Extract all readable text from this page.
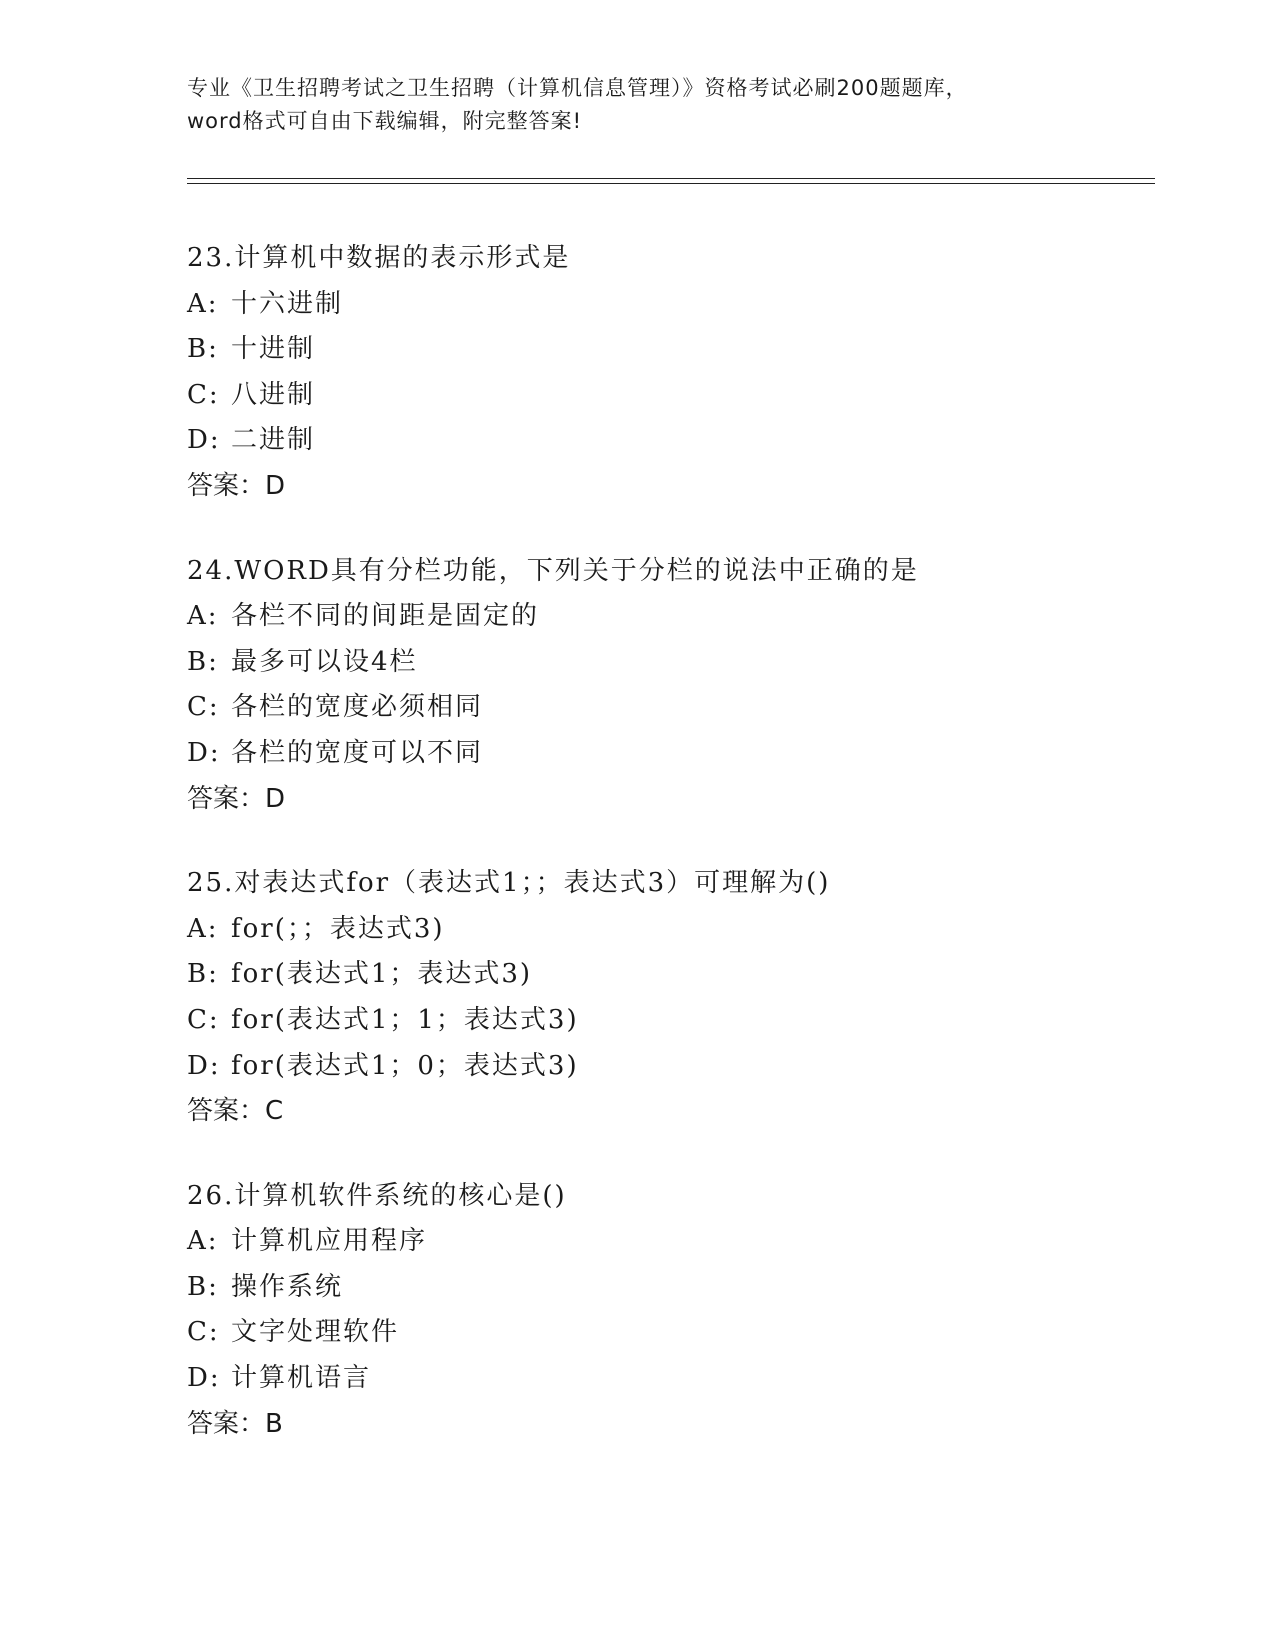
专业《卫生招聘考试之卫生招聘（计算机信息管理）》资格考试必刷200题题库，
word格式可自由下载编辑，附完整答案!
23.计算机中数据的表示形式是
A: 十六进制
B: 十进制
C: 八进制
D: 二进制
答案：D
24.WORD具有分栏功能，下列关于分栏的说法中正确的是
A: 各栏不同的间距是固定的
B: 最多可以设4栏
C: 各栏的宽度必须相同
D: 各栏的宽度可以不同
答案：D
25.对表达式for（表达式1；；表达式3）可理解为()
A: for(；；表达式3)
B: for(表达式1；表达式3)
C: for(表达式1；1；表达式3)
D: for(表达式1；0；表达式3)
答案：C
26.计算机软件系统的核心是()
A: 计算机应用程序
B: 操作系统
C: 文字处理软件
D: 计算机语言
答案：B
